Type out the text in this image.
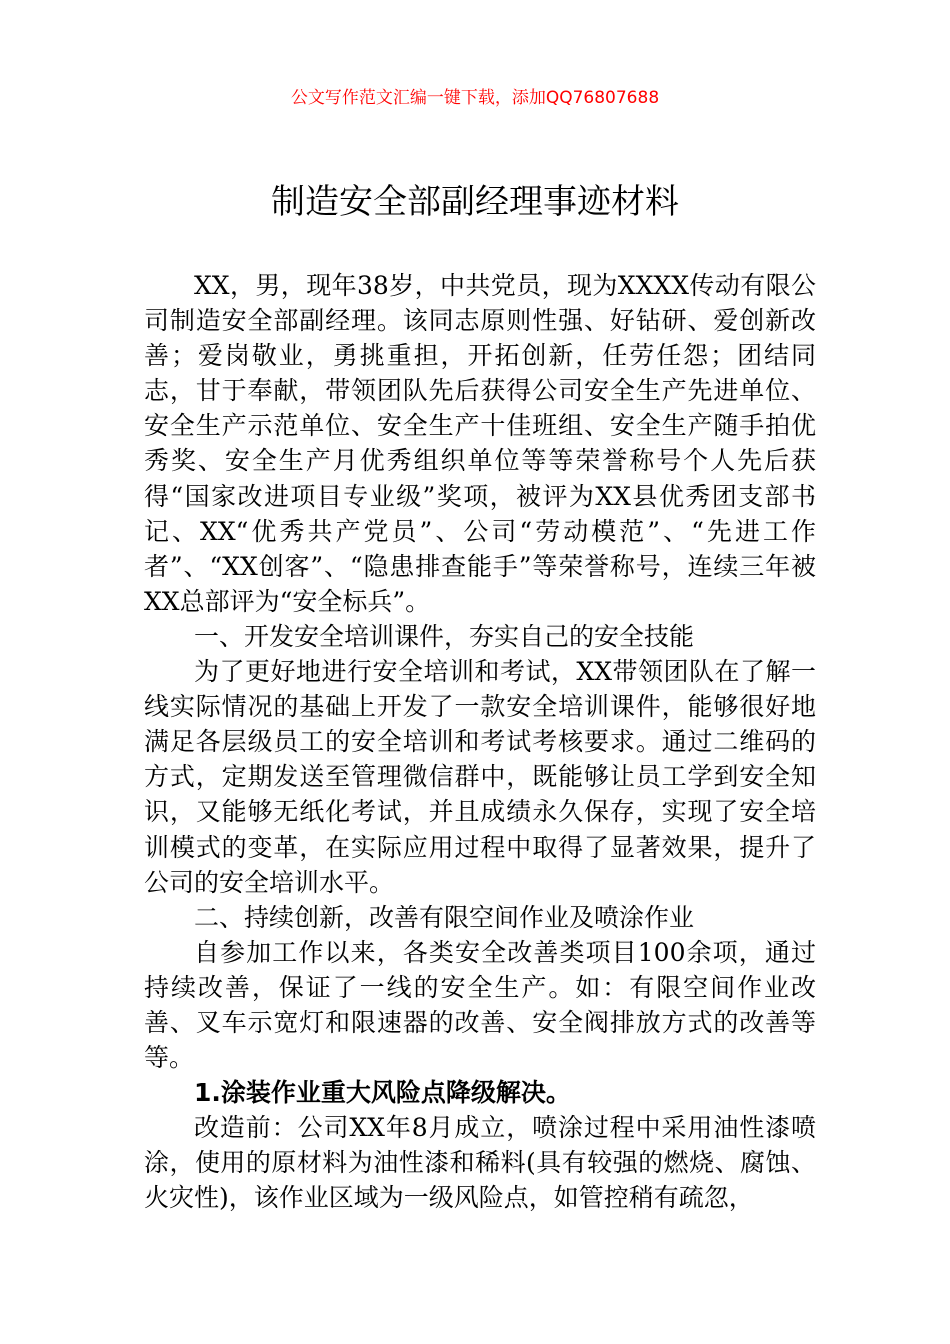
公文写作范文汇编一键下载，添加QQ76807688
制造安全部副经理事迹材料

XX，男，现年38岁，中共党员，现为XXXX传动有限公司制造安全部副经理。该同志原则性强、好钻研、爱创新改善；爱岗敬业，勇挑重担，开拓创新，任劳任怨；团结同志，甘于奉献，带领团队先后获得公司安全生产先进单位、安全生产示范单位、安全生产十佳班组、安全生产随手拍优秀奖、安全生产月优秀组织单位等等荣誉称号个人先后获得“国家改进项目专业级”奖项，被评为XX县优秀团支部书记、XX“优秀共产党员”、公司“劳动模范”、“先进工作者”、“XX创客”、“隐患排查能手”等荣誉称号，连续三年被XX总部评为“安全标兵”。

一、开发安全培训课件，夯实自己的安全技能

为了更好地进行安全培训和考试，XX带领团队在了解一线实际情况的基础上开发了一款安全培训课件，能够很好地满足各层级员工的安全培训和考试考核要求。通过二维码的方式，定期发送至管理微信群中，既能够让员工学到安全知识，又能够无纸化考试，并且成绩永久保存，实现了安全培训模式的变革，在实际应用过程中取得了显著效果，提升了公司的安全培训水平。

二、持续创新，改善有限空间作业及喷涂作业

自参加工作以来，各类安全改善类项目100余项，通过持续改善，保证了一线的安全生产。如：有限空间作业改善、叉车示宽灯和限速器的改善、安全阀排放方式的改善等等。

1.涂装作业重大风险点降级解决。

改造前：公司XX年8月成立，喷涂过程中采用油性漆喷涂，使用的原材料为油性漆和稀料(具有较强的燃烧、腐蚀、火灾性)，该作业区域为一级风险点，如管控稍有疏忽，
